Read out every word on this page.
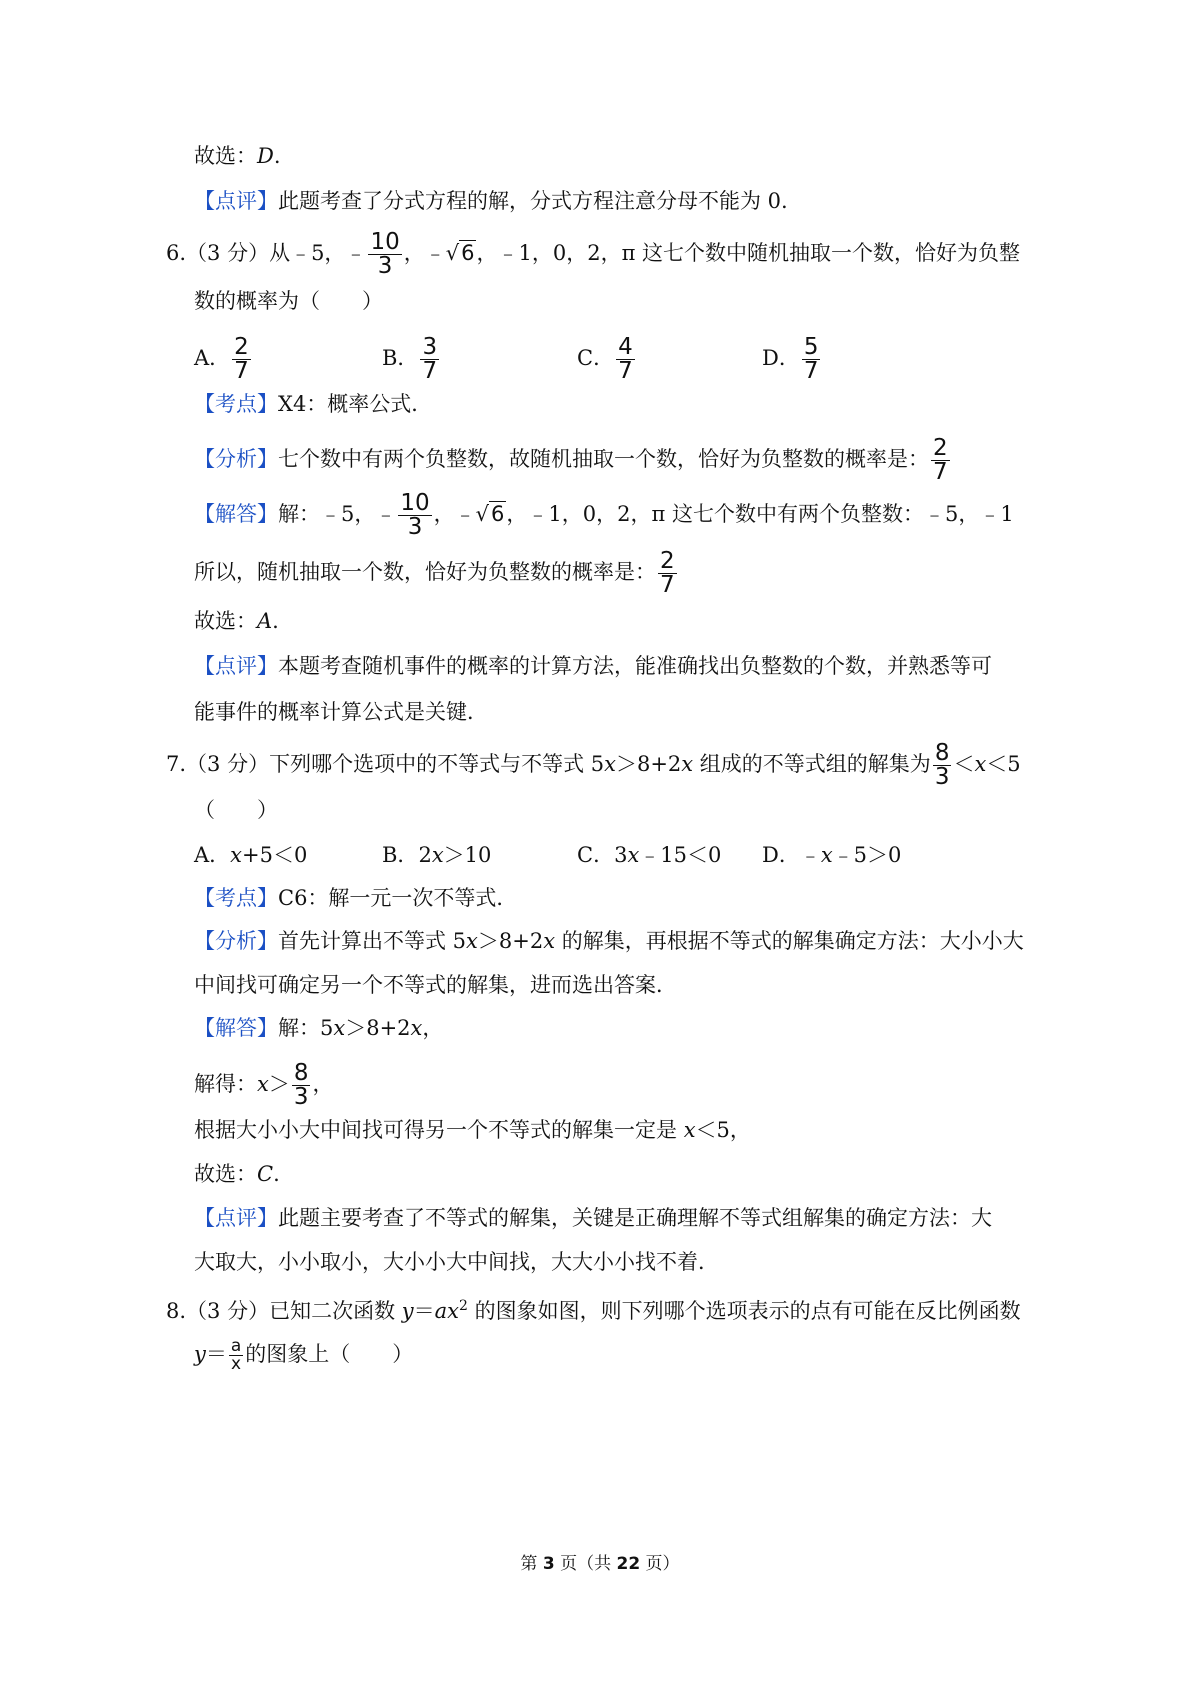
故选：D.
【点评】此题考查了分式方程的解，分式方程注意分母不能为 0.
6.（3 分）从﹣5，﹣ $\frac{10}{3}$ ，﹣√6，﹣1，0，2，π 这七个数中随机抽取一个数，恰好为负整
数的概率为（　　）
A． $\frac{2}{7}$	B． $\frac{3}{7}$	C． $\frac{4}{7}$	D． $\frac{5}{7}$
【考点】X4：概率公式．
【分析】七个数中有两个负整数，故随机抽取一个数，恰好为负整数的概率是： $\frac{2}{7}$
【解答】解：﹣5，﹣ $\frac{10}{3}$ ，﹣√6，﹣1，0，2，π 这七个数中有两个负整数：﹣5，﹣1
所以，随机抽取一个数，恰好为负整数的概率是： $\frac{2}{7}$
故选：A.
【点评】本题考查随机事件的概率的计算方法，能准确找出负整数的个数，并熟悉等可
能事件的概率计算公式是关键．
7.（3 分）下列哪个选项中的不等式与不等式 5x＞8+2x 组成的不等式组的解集为 $\frac{8}{3} <x<5$
（　　）
A．x+5＜0	B．2x＞10	C．3x﹣15＜0 D．﹣x﹣5＞0
【考点】C6：解一元一次不等式．
【分析】首先计算出不等式 5x＞8+2x 的解集，再根据不等式的解集确定方法：大小小大
中间找可确定另一个不等式的解集，进而选出答案．
【解答】解：5x＞8+2x，
解得：$x> \frac{8}{3}$ ，
根据大小小大中间找可得另一个不等式的解集一定是 x＜5，
故选：C.
【点评】此题主要考查了不等式的解集，关键是正确理解不等式组解集的确定方法：大
大取大，小小取小，大小小大中间找，大大小小找不着．
8.（3 分）已知二次函数 $y=ax^2$ 的图象如图，则下列哪个选项表示的点有可能在反比例函数
$y= \frac{a}{x}$ 的图象上（　　）
第 3 页（共 22 页）
